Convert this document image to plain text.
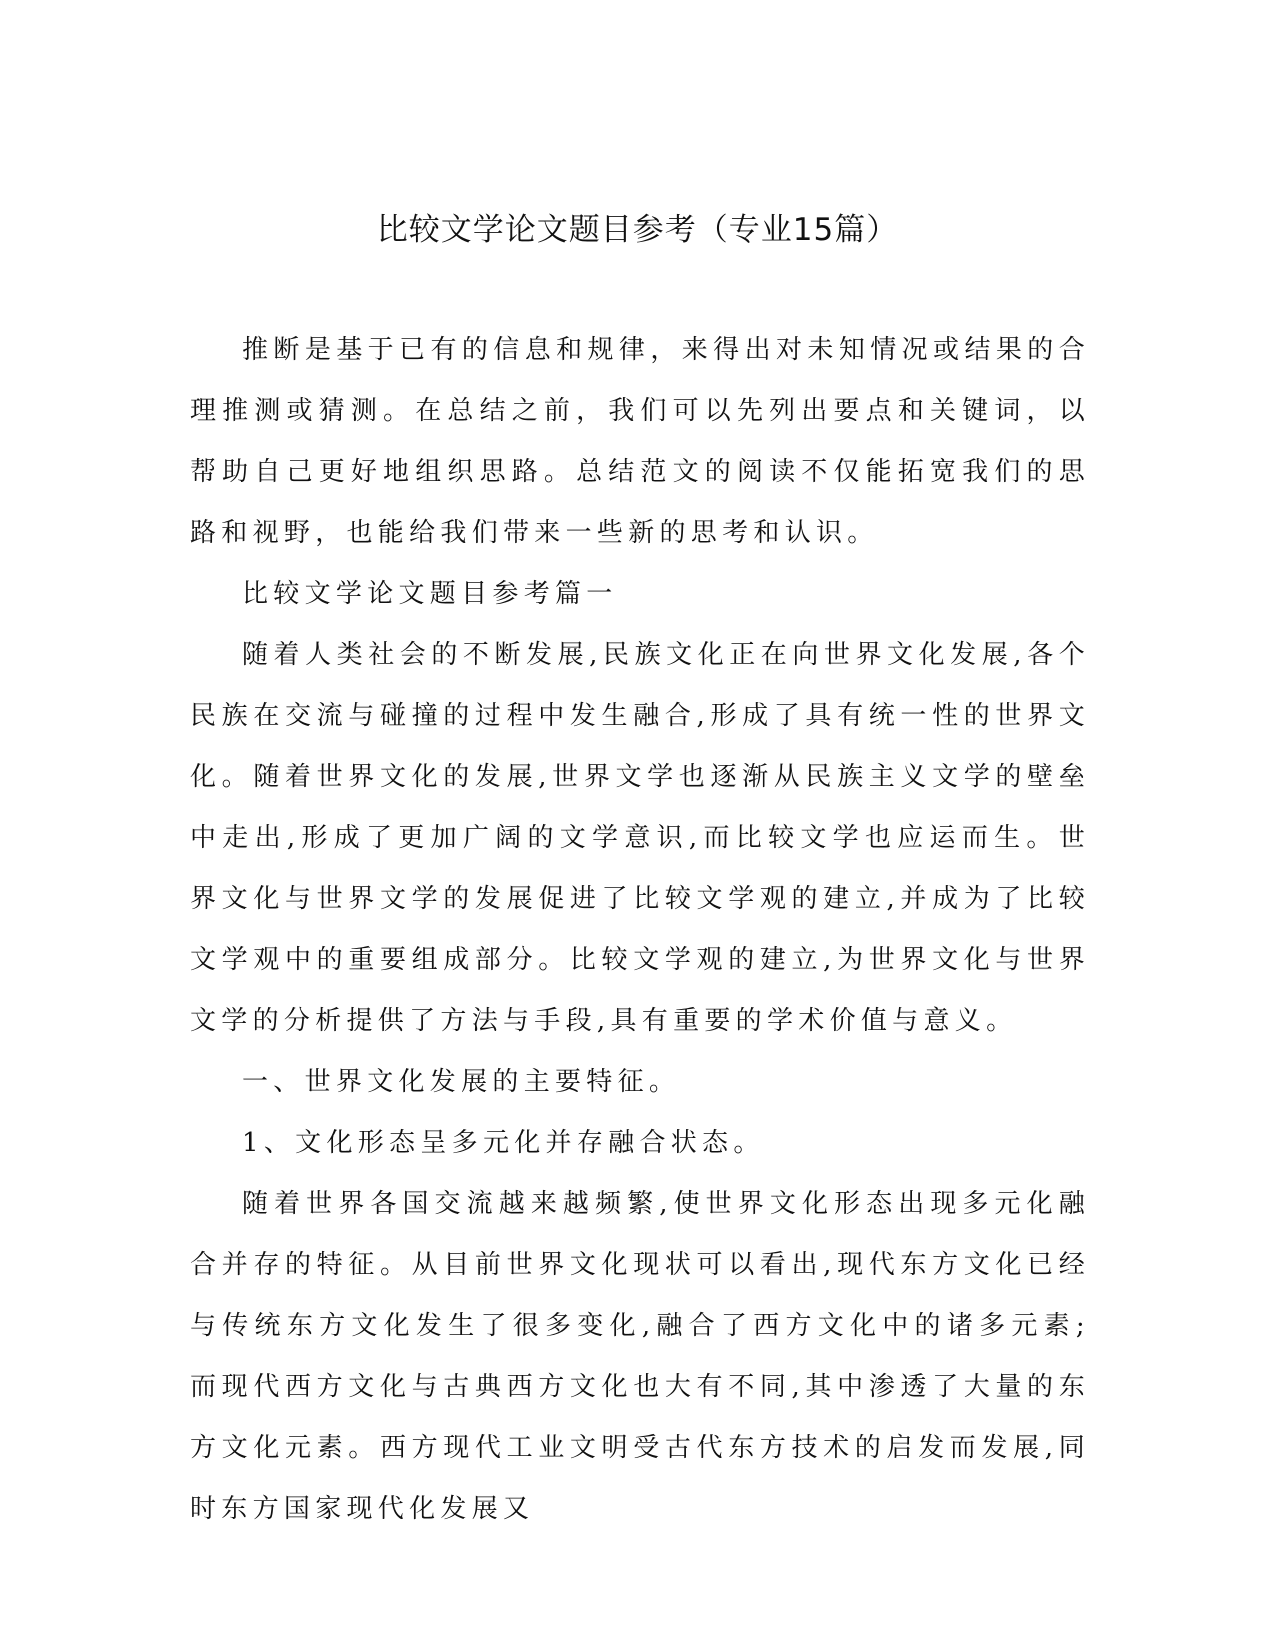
比较文学论文题目参考（专业15篇）

推断是基于已有的信息和规律，来得出对未知情况或结果的合理推测或猜测。在总结之前，我们可以先列出要点和关键词，以帮助自己更好地组织思路。总结范文的阅读不仅能拓宽我们的思路和视野，也能给我们带来一些新的思考和认识。

比较文学论文题目参考篇一

随着人类社会的不断发展,民族文化正在向世界文化发展,各个民族在交流与碰撞的过程中发生融合,形成了具有统一性的世界文化。随着世界文化的发展,世界文学也逐渐从民族主义文学的壁垒中走出,形成了更加广阔的文学意识,而比较文学也应运而生。世界文化与世界文学的发展促进了比较文学观的建立,并成为了比较文学观中的重要组成部分。比较文学观的建立,为世界文化与世界文学的分析提供了方法与手段,具有重要的学术价值与意义。

一、世界文化发展的主要特征。

1、文化形态呈多元化并存融合状态。

随着世界各国交流越来越频繁,使世界文化形态出现多元化融合并存的特征。从目前世界文化现状可以看出,现代东方文化已经与传统东方文化发生了很多变化,融合了西方文化中的诸多元素;而现代西方文化与古典西方文化也大有不同,其中渗透了大量的东方文化元素。西方现代工业文明受古代东方技术的启发而发展,同时东方国家现代化发展又
